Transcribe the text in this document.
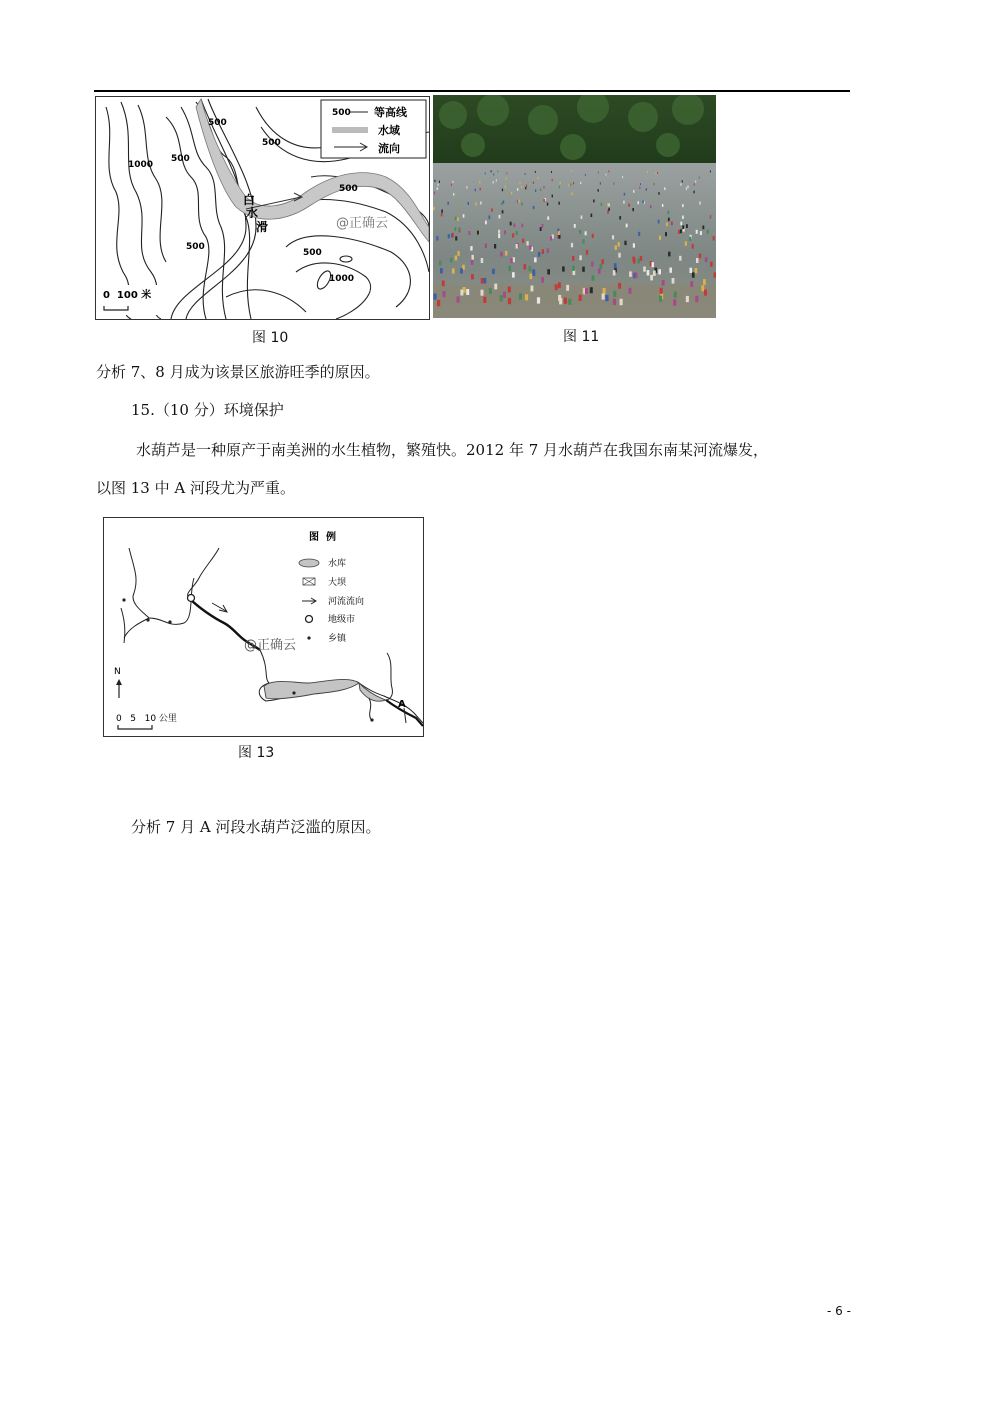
1000
500
500
500
500
500
500
1000
白
水
滑	@正确云
500 等高线
水域
流向
0  100 米
图 10	图 11
分析 7、8 月成为该景区旅游旺季的原因。
15.（10 分）环境保护
水葫芦是一种原产于南美洲的水生植物，繁殖快。2012 年 7 月水葫芦在我国东南某河流爆发，
以图 13 中 A 河段尤为严重。
A
@正确云
N
0   5   10 公里
图  例
水库
大坝
河流流向
地级市
乡镇
图 13
分析 7 月 A 河段水葫芦泛滥的原因。
- 6 -
